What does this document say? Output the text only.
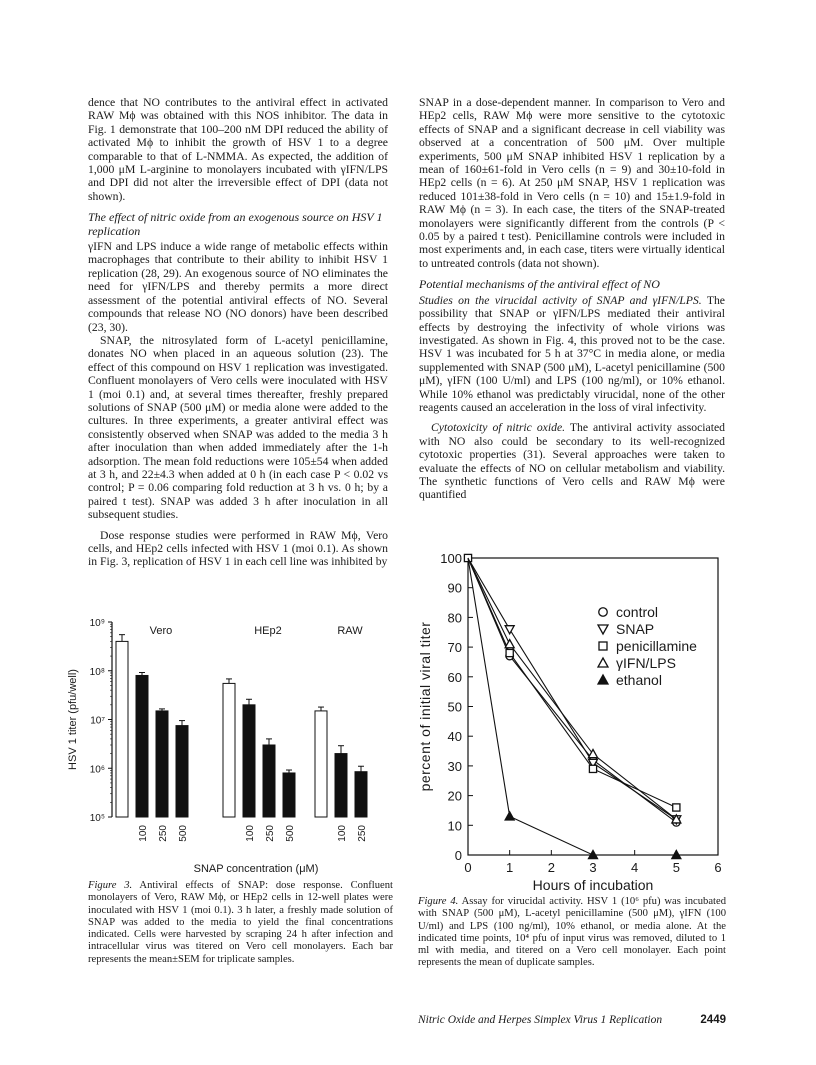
dence that NO contributes to the antiviral effect in activated RAW Mϕ was obtained with this NOS inhibitor. The data in Fig. 1 demonstrate that 100–200 nM DPI reduced the ability of activated Mϕ to inhibit the growth of HSV 1 to a degree comparable to that of L-NMMA. As expected, the addition of 1,000 μM L-arginine to monolayers incubated with γIFN/LPS and DPI did not alter the irreversible effect of DPI (data not shown).

The effect of nitric oxide from an exogenous source on HSV 1 replication

γIFN and LPS induce a wide range of metabolic effects within macrophages that contribute to their ability to inhibit HSV 1 replication (28, 29). An exogenous source of NO eliminates the need for γIFN/LPS and thereby permits a more direct assessment of the potential antiviral effects of NO. Several compounds that release NO (NO donors) have been described (23, 30).

SNAP, the nitrosylated form of L-acetyl penicillamine, donates NO when placed in an aqueous solution (23). The effect of this compound on HSV 1 replication was investigated. Confluent monolayers of Vero cells were inoculated with HSV 1 (moi 0.1) and, at several times thereafter, freshly prepared solutions of SNAP (500 μM) or media alone were added to the cultures. In three experiments, a greater antiviral effect was consistently observed when SNAP was added to the media 3 h after inoculation than when added immediately after the 1-h adsorption. The mean fold reductions were 105±54 when added at 3 h, and 22±4.3 when added at 0 h (in each case P < 0.02 vs control; P = 0.06 comparing fold reduction at 3 h vs. 0 h; by a paired t test). SNAP was added 3 h after inoculation in all subsequent studies.

Dose response studies were performed in RAW Mϕ, Vero cells, and HEp2 cells infected with HSV 1 (moi 0.1). As shown in Fig. 3, replication of HSV 1 in each cell line was inhibited by

SNAP in a dose-dependent manner. In comparison to Vero and HEp2 cells, RAW Mϕ were more sensitive to the cytotoxic effects of SNAP and a significant decrease in cell viability was observed at a concentration of 500 μM. Over multiple experiments, 500 μM SNAP inhibited HSV 1 replication by a mean of 160±61-fold in Vero cells (n = 9) and 30±10-fold in HEp2 cells (n = 6). At 250 μM SNAP, HSV 1 replication was reduced 101±38-fold in Vero cells (n = 10) and 15±1.9-fold in RAW Mϕ (n = 3). In each case, the titers of the SNAP-treated monolayers were significantly different from the controls (P < 0.05 by a paired t test). Penicillamine controls were included in most experiments and, in each case, titers were virtually identical to untreated controls (data not shown).

Potential mechanisms of the antiviral effect of NO

Studies on the virucidal activity of SNAP and γIFN/LPS. The possibility that SNAP or γIFN/LPS mediated their antiviral effects by destroying the infectivity of whole virions was investigated. As shown in Fig. 4, this proved not to be the case. HSV 1 was incubated for 5 h at 37°C in media alone, or media supplemented with SNAP (500 μM), L-acetyl penicillamine (500 μM), γIFN (100 U/ml) and LPS (100 ng/ml), or 10% ethanol. While 10% ethanol was predictably virucidal, none of the other reagents caused an acceleration in the loss of viral infectivity.

Cytotoxicity of nitric oxide. The antiviral activity associated with NO also could be secondary to its well-recognized cytotoxic properties (31). Several approaches were taken to evaluate the effects of NO on cellular metabolism and viability. The synthetic functions of Vero cells and RAW Mϕ were quantified

10⁹
10⁸
10⁷
10⁶
10⁵
HSV 1 titer (pfu/well)
Vero
100 250 500
HEp2
100 250 500
RAW
100 250
SNAP concentration (μM)
0
10
20
30
40
50
60
70
80
90
100
0	1	2	3	4	5	6
Hours of incubation
percent of initial viral titer
control
SNAP
penicillamine
γIFN/LPS
ethanol
Figure 3. Antiviral effects of SNAP: dose response. Confluent monolayers of Vero, RAW Mϕ, or HEp2 cells in 12-well plates were inoculated with HSV 1 (moi 0.1). 3 h later, a freshly made solution of SNAP was added to the media to yield the final concentrations indicated. Cells were harvested by scraping 24 h after infection and intracellular virus was titered on Vero cell monolayers. Each bar represents the mean±SEM for triplicate samples.
Figure 4. Assay for virucidal activity. HSV 1 (10⁶ pfu) was incubated with SNAP (500 μM), L-acetyl penicillamine (500 μM), γIFN (100 U/ml) and LPS (100 ng/ml), 10% ethanol, or media alone. At the indicated time points, 10⁴ pfu of input virus was removed, diluted to 1 ml with media, and titered on a Vero cell monolayer. Each point represents the mean of duplicate samples.
Nitric Oxide and Herpes Simplex Virus 1 Replication	2449
